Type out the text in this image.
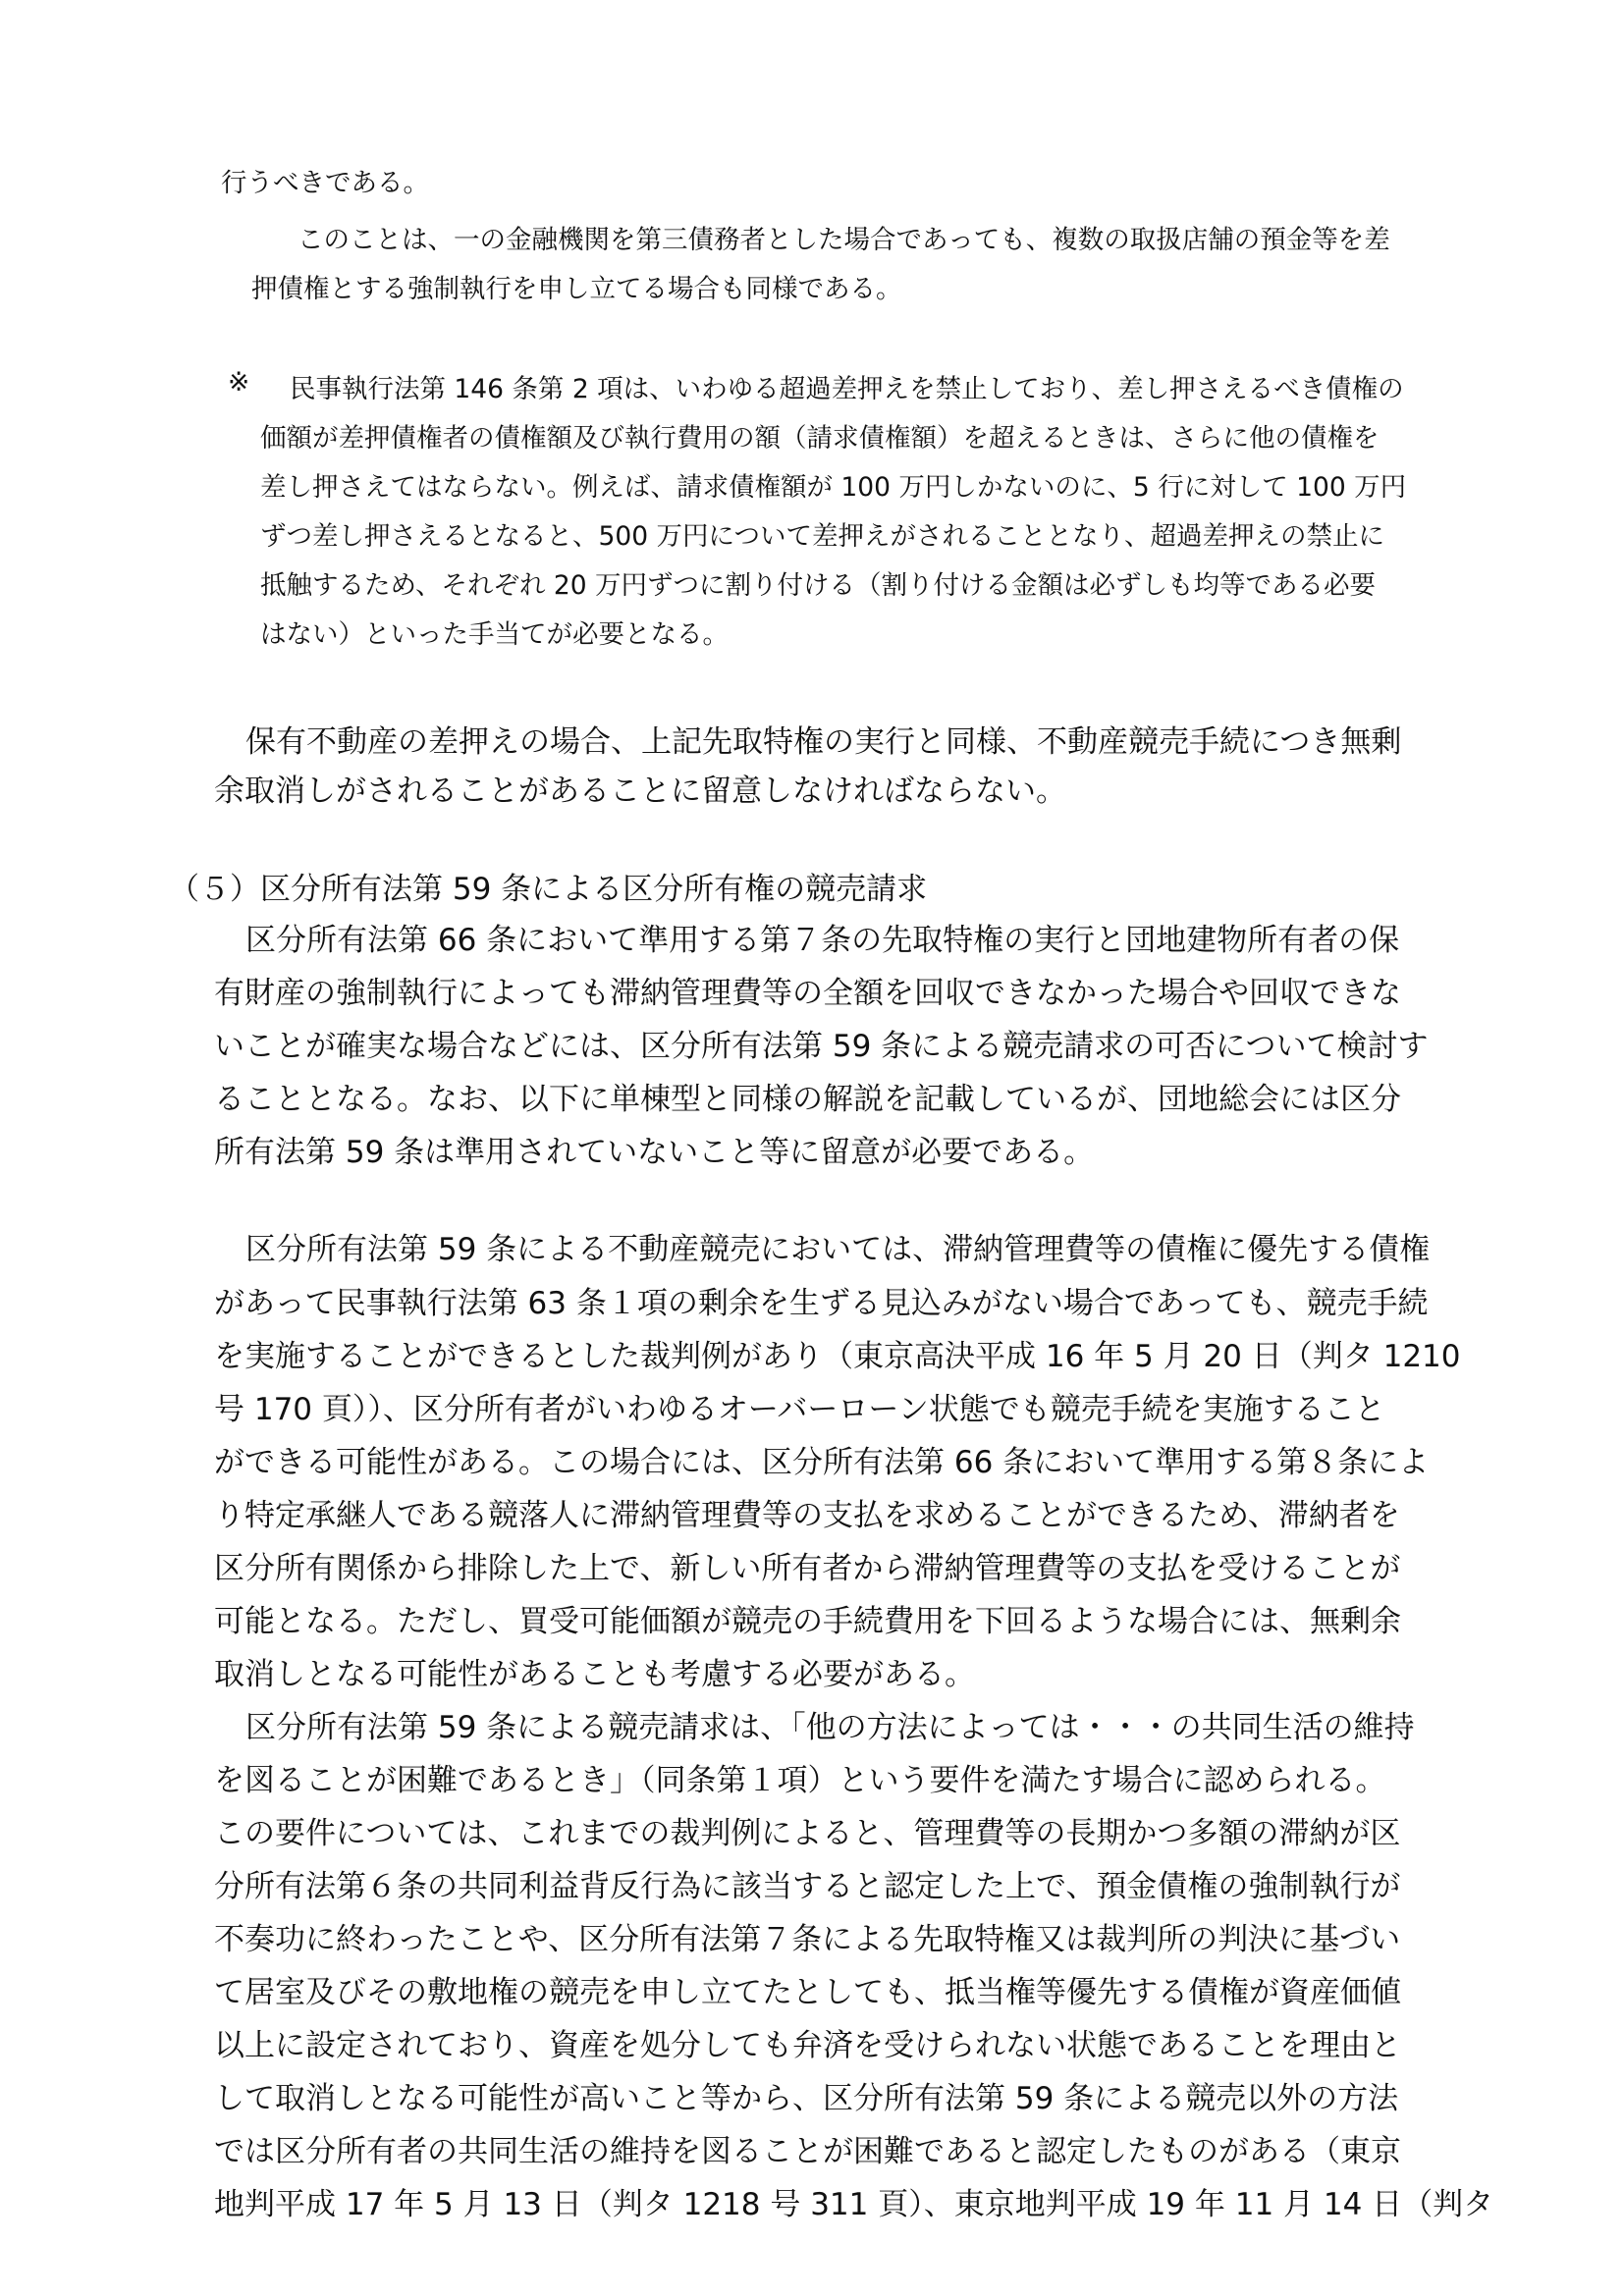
行うべきである。

このことは、一の金融機関を第三債務者とした場合であっても、複数の取扱店舗の預金等を差

押債権とする強制執行を申し立てる場合も同様である。

※ 民事執行法第 146 条第 2 項は、いわゆる超過差押えを禁止しており、差し押さえるべき債権の

価額が差押債権者の債権額及び執行費用の額（請求債権額）を超えるときは、さらに他の債権を

差し押さえてはならない。例えば、請求債権額が 100 万円しかないのに、5 行に対して 100 万円

ずつ差し押さえるとなると、500 万円について差押えがされることとなり、超過差押えの禁止に

抵触するため、それぞれ 20 万円ずつに割り付ける（割り付ける金額は必ずしも均等である必要

はない）といった手当てが必要となる。

保有不動産の差押えの場合、上記先取特権の実行と同様、不動産競売手続につき無剰

余取消しがされることがあることに留意しなければならない。

（５）区分所有法第 59 条による区分所有権の競売請求

区分所有法第 66 条において準用する第７条の先取特権の実行と団地建物所有者の保

有財産の強制執行によっても滞納管理費等の全額を回収できなかった場合や回収できな

いことが確実な場合などには、区分所有法第 59 条による競売請求の可否について検討す

ることとなる。なお、以下に単棟型と同様の解説を記載しているが、団地総会には区分

所有法第 59 条は準用されていないこと等に留意が必要である。

区分所有法第 59 条による不動産競売においては、滞納管理費等の債権に優先する債権

があって民事執行法第 63 条１項の剰余を生ずる見込みがない場合であっても、競売手続

を実施することができるとした裁判例があり（東京高決平成 16 年 5 月 20 日（判タ 1210

号 170 頁））、区分所有者がいわゆるオーバーローン状態でも競売手続を実施すること

ができる可能性がある。この場合には、区分所有法第 66 条において準用する第８条によ

り特定承継人である競落人に滞納管理費等の支払を求めることができるため、滞納者を

区分所有関係から排除した上で、新しい所有者から滞納管理費等の支払を受けることが

可能となる。ただし、買受可能価額が競売の手続費用を下回るような場合には、無剰余

取消しとなる可能性があることも考慮する必要がある。

区分所有法第 59 条による競売請求は、「他の方法によっては・・・の共同生活の維持

を図ることが困難であるとき」（同条第１項）という要件を満たす場合に認められる。

この要件については、これまでの裁判例によると、管理費等の長期かつ多額の滞納が区

分所有法第６条の共同利益背反行為に該当すると認定した上で、預金債権の強制執行が

不奏功に終わったことや、区分所有法第７条による先取特権又は裁判所の判決に基づい

て居室及びその敷地権の競売を申し立てたとしても、抵当権等優先する債権が資産価値

以上に設定されており、資産を処分しても弁済を受けられない状態であることを理由と

して取消しとなる可能性が高いこと等から、区分所有法第 59 条による競売以外の方法

では区分所有者の共同生活の維持を図ることが困難であると認定したものがある（東京

地判平成 17 年 5 月 13 日（判タ 1218 号 311 頁）、東京地判平成 19 年 11 月 14 日（判タ
